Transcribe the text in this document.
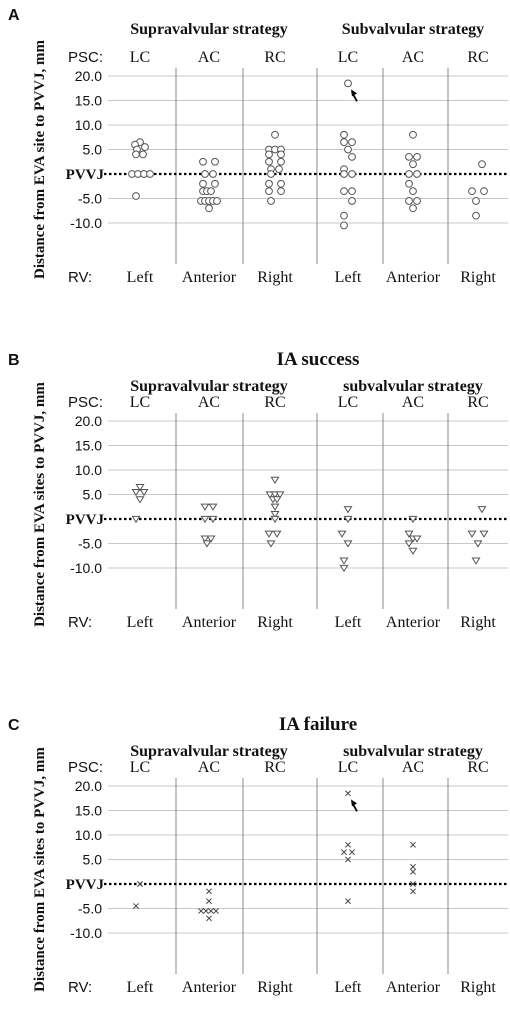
A
Supravalvular strategy	Subvalvular strategy
PSC: LC	AC	RC	LC	AC	RC
20.0
15.0
10.0
5.0
PVVJ
-5.0
-10.0
RV: Left Anterior Right	Left Anterior Right
Distance from EVA site to PVVJ, mm
B	IA success
Supravalvular strategy	subvalvular strategy
PSC: LC	AC	RC	LC	AC	RC
20.0
15.0
10.0
5.0
PVVJ
-5.0
-10.0
RV: Left Anterior Right	Left Anterior Right
Distance from EVA sites to PVVJ, mm
C	IA failure
Supravalvular strategy	subvalvular strategy
PSC: LC	AC	RC	LC	AC	RC
20.0
15.0
10.0
5.0
PVVJ
-5.0
-10.0
RV: Left Anterior Right	Left Anterior Right
Distance from EVA sites to PVVJ, mm
